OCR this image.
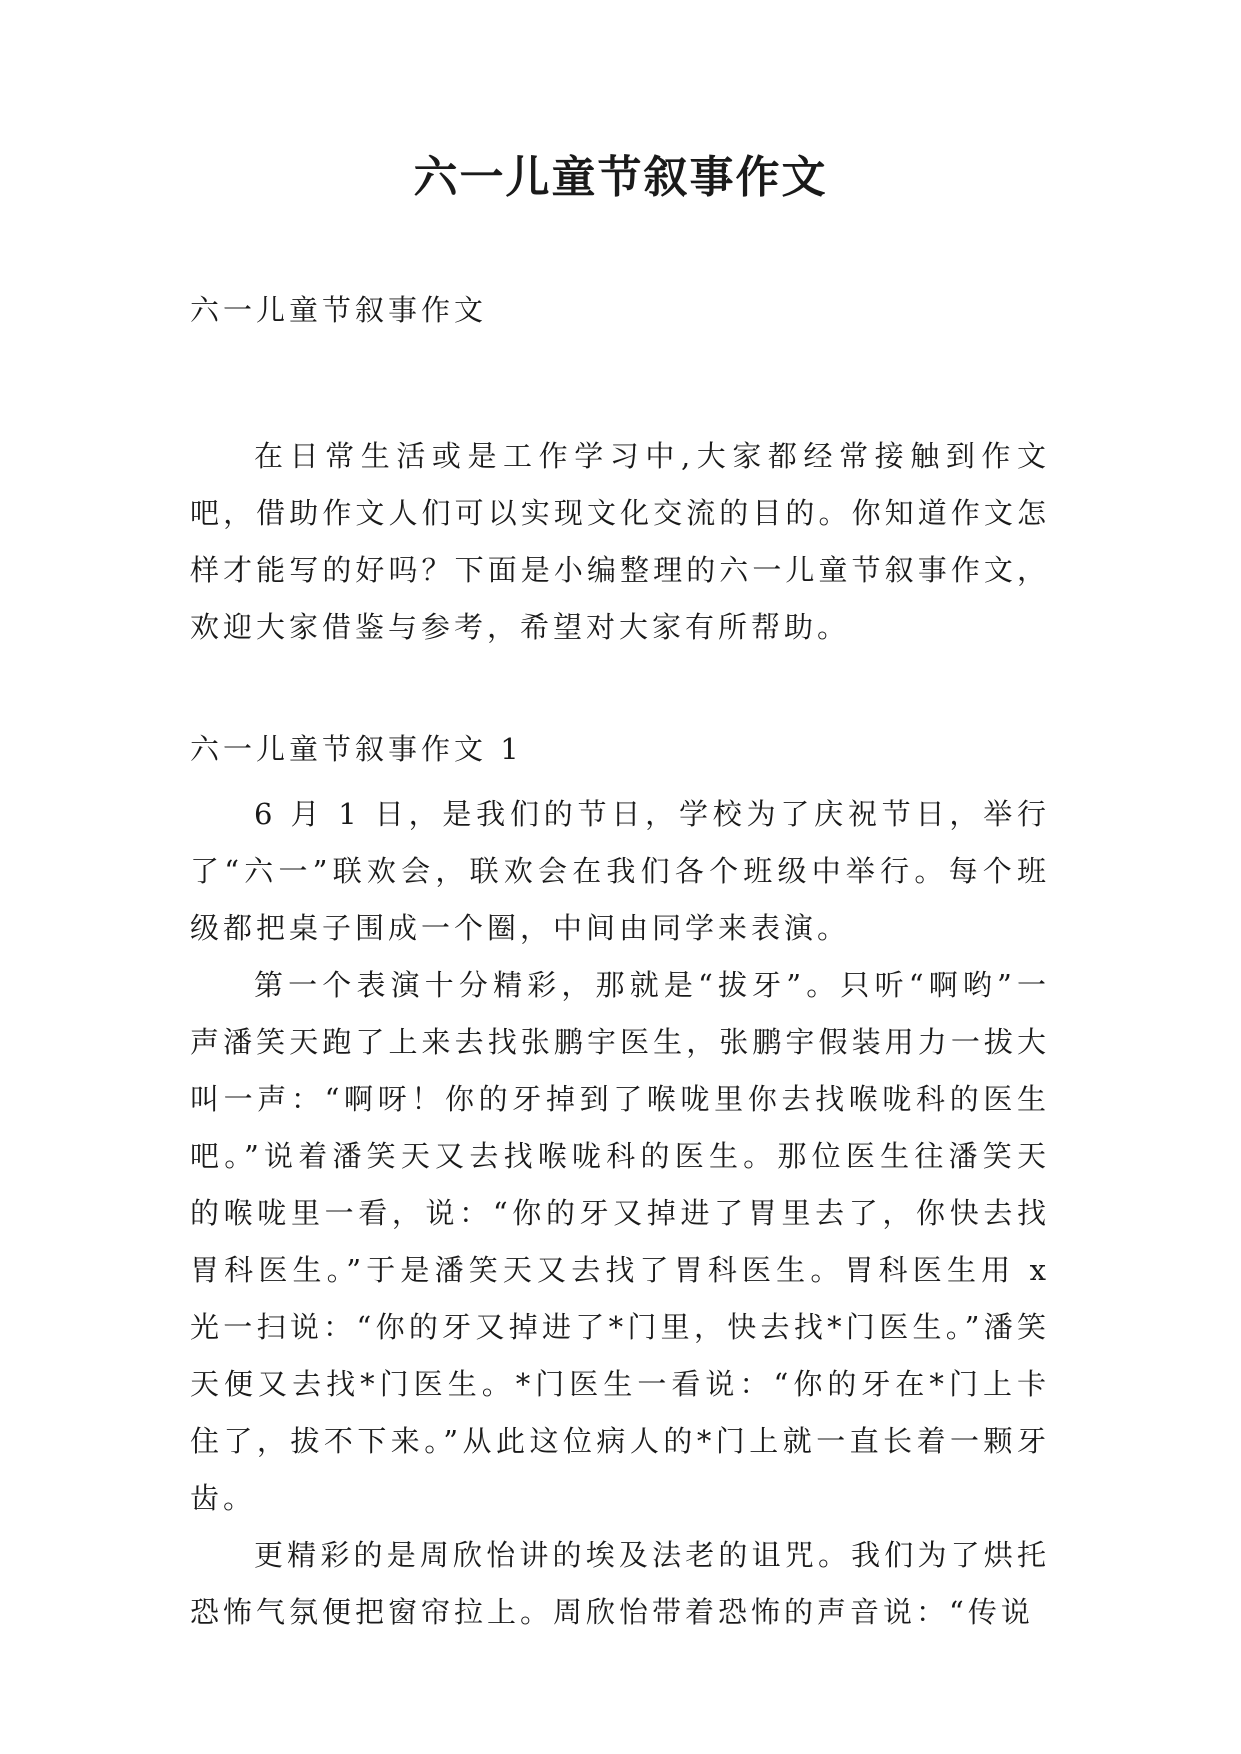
六一儿童节叙事作文

六一儿童节叙事作文

在日常生活或是工作学习中,大家都经常接触到作文吧，借助作文人们可以实现文化交流的目的。你知道作文怎样才能写的好吗？下面是小编整理的六一儿童节叙事作文，欢迎大家借鉴与参考，希望对大家有所帮助。

六一儿童节叙事作文 1

6 月 1 日，是我们的节日，学校为了庆祝节日，举行了“六一”联欢会，联欢会在我们各个班级中举行。每个班级都把桌子围成一个圈，中间由同学来表演。

第一个表演十分精彩，那就是“拔牙”。只听“啊哟”一声潘笑天跑了上来去找张鹏宇医生，张鹏宇假装用力一拔大叫一声：“啊呀！你的牙掉到了喉咙里你去找喉咙科的医生吧。”说着潘笑天又去找喉咙科的医生。那位医生往潘笑天的喉咙里一看，说：“你的牙又掉进了胃里去了，你快去找胃科医生。”于是潘笑天又去找了胃科医生。胃科医生用 x 光一扫说：“你的牙又掉进了*门里，快去找*门医生。”潘笑天便又去找*门医生。*门医生一看说：“你的牙在*门上卡住了，拔不下来。”从此这位病人的*门上就一直长着一颗牙齿。

更精彩的是周欣怡讲的埃及法老的诅咒。我们为了烘托恐怖气氛便把窗帘拉上。周欣怡带着恐怖的声音说：“传说
